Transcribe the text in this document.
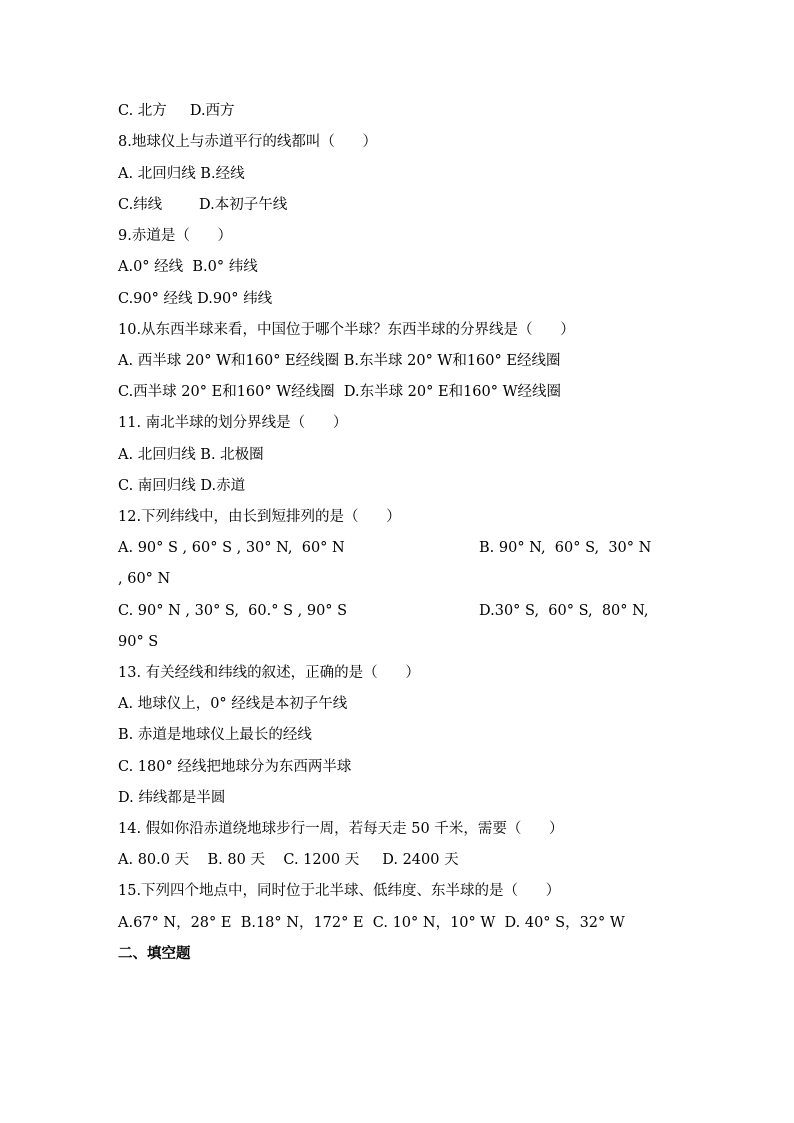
C. 北方     D.西方
8.地球仪上与赤道平行的线都叫（      ）
A. 北回归线 B.经线
C.纬线        D.本初子午线
9.赤道是（      ）
A.0° 经线  B.0° 纬线
C.90° 经线 D.90° 纬线
10.从东西半球来看，中国位于哪个半球？东西半球的分界线是（      ）
A. 西半球 20° W和160° E经线圈 B.东半球 20° W和160° E经线圈
C.西半球 20° E和160° W经线圈  D.东半球 20° E和160° W经线圈
11. 南北半球的划分界线是（      ）
A. 北回归线 B. 北极圈
C. 南回归线 D.赤道
12.下列纬线中，由长到短排列的是（      ）

A. 90° S , 60° S , 30° N,  60° N

	B. 90° N,  60° S,  30° N

, 60° N

C. 90° N , 30° S,  60.° S , 90° S

	D.30° S,  60° S,  80° N,

90° S
13. 有关经线和纬线的叙述，正确的是（      ）
A. 地球仪上，0° 经线是本初子午线
B. 赤道是地球仪上最长的经线
C. 180° 经线把地球分为东西两半球
D. 纬线都是半圆
14. 假如你沿赤道绕地球步行一周，若每天走 50 千米，需要（      ）
A. 80.0 天    B. 80 天    C. 1200 天     D. 2400 天
15.下列四个地点中，同时位于北半球、低纬度、东半球的是（      ）
A.67° N，28° E  B.18° N，172° E  C. 10° N，10° W  D. 40° S，32° W
二、填空题
